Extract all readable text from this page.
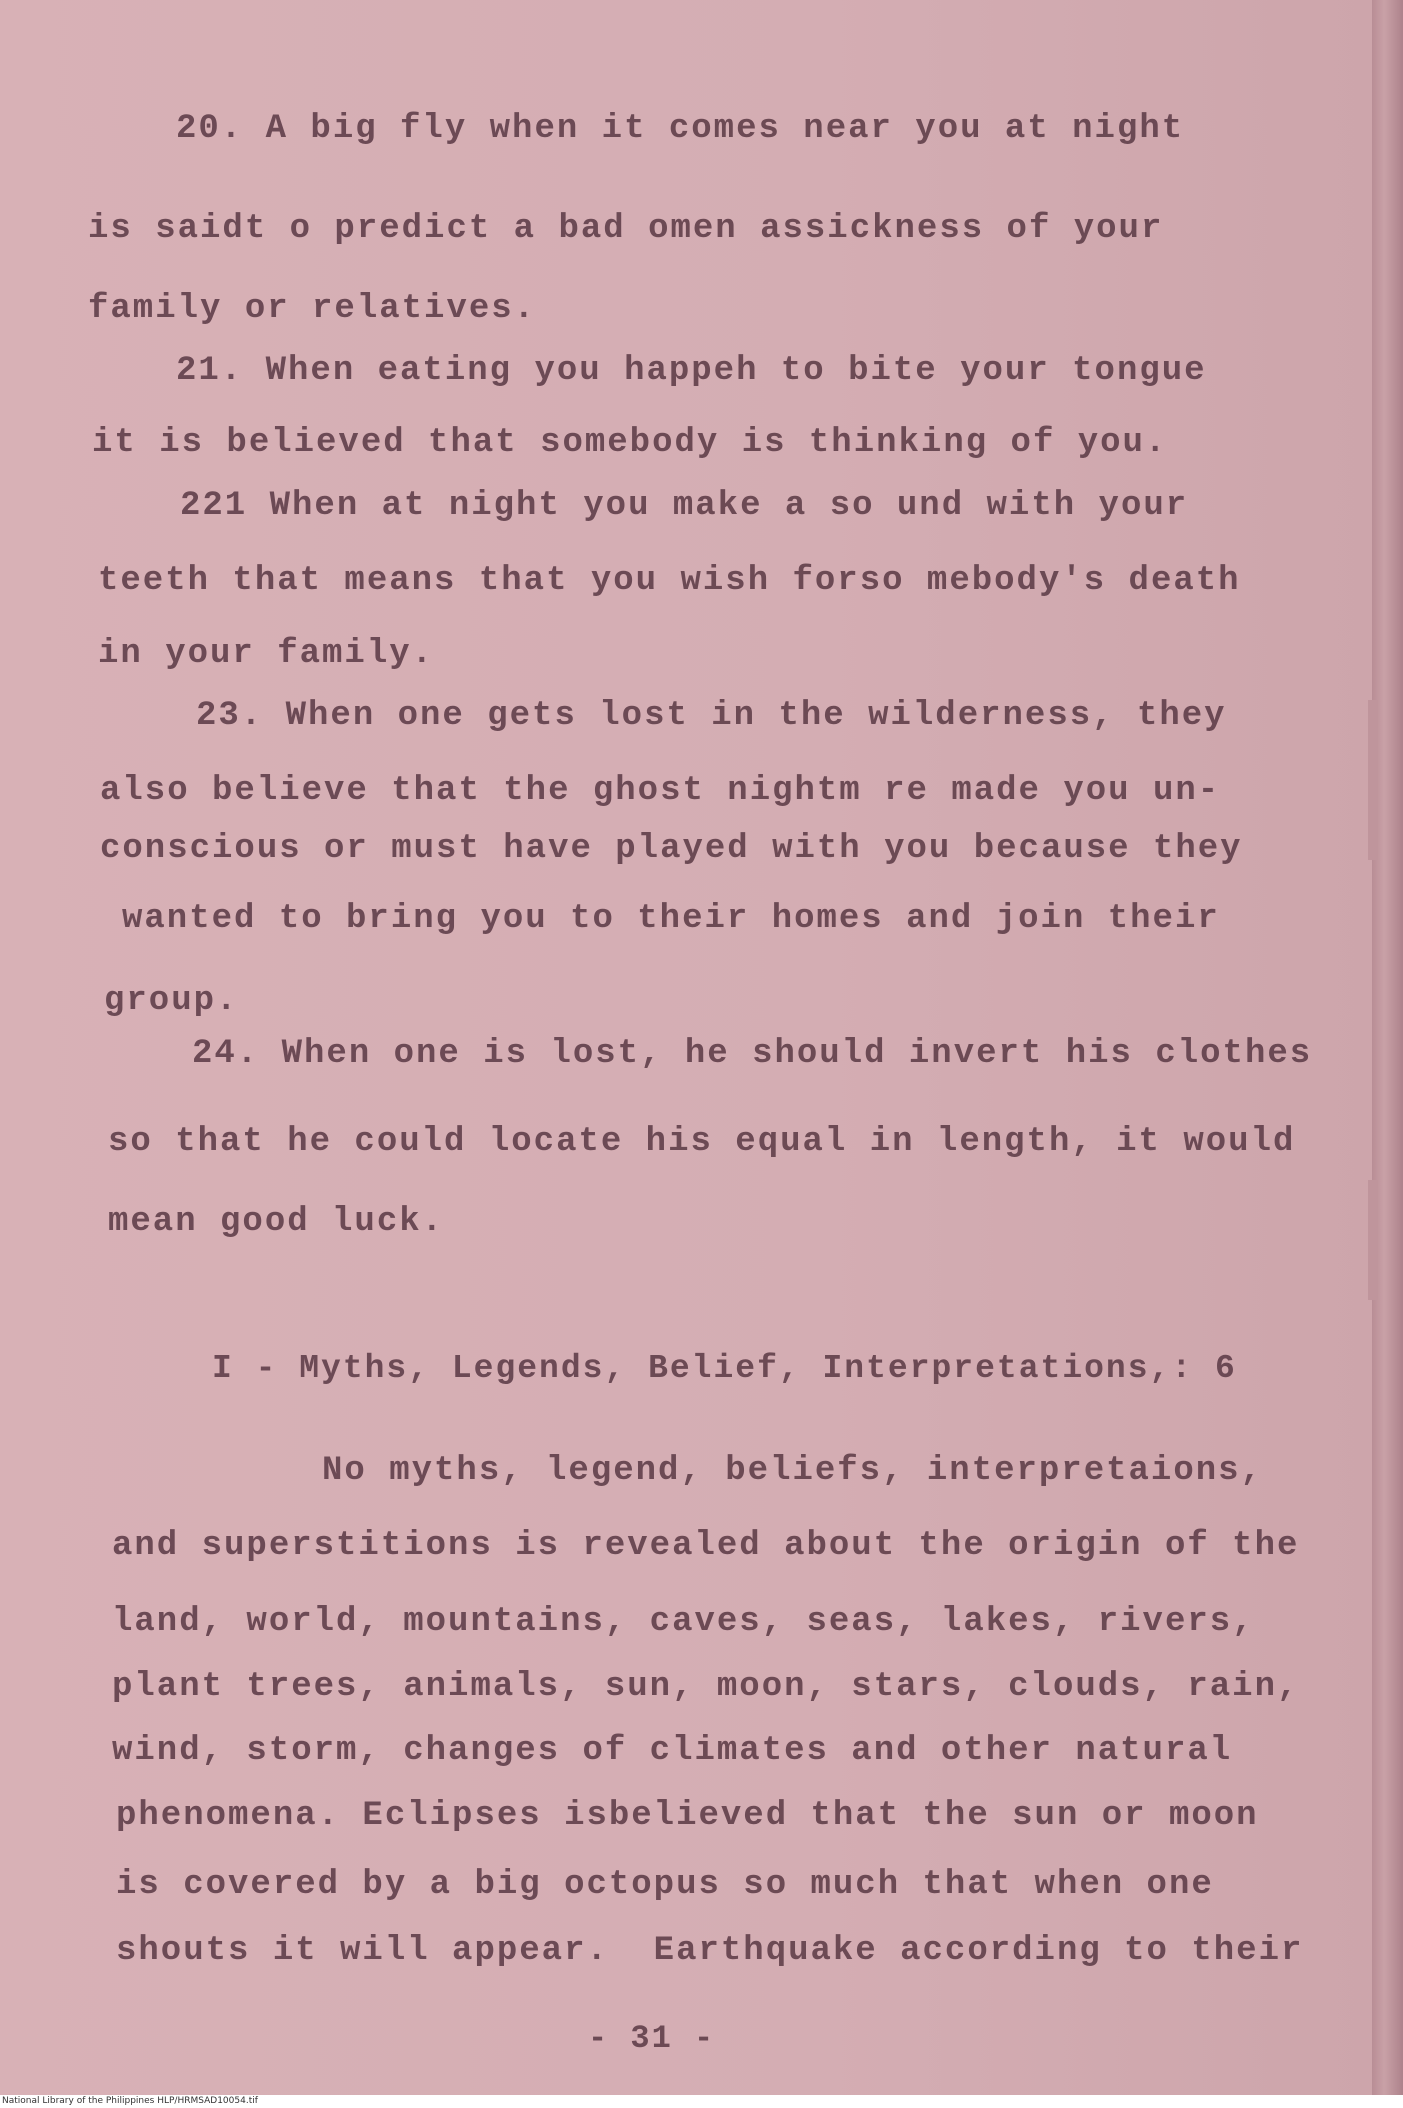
20. A big fly when it comes near you at night
is saidt o predict a bad omen assickness of your
family or relatives.
21. When eating you happeh to bite your tongue
it is believed that somebody is thinking of you.
221 When at night you make a so und with your
teeth that means that you wish forso mebody's death
in your family.
23. When one gets lost in the wilderness, they
also believe that the ghost nightm re made you un-
conscious or must have played with you because they
wanted to bring you to their homes and join their
group.
24. When one is lost, he should invert his clothes
so that he could locate his equal in length, it would
mean good luck.
I - Myths, Legends, Belief, Interpretations,: 6
No myths, legend, beliefs, interpretaions,
and superstitions is revealed about the origin of the
land, world, mountains, caves, seas, lakes, rivers,
plant trees, animals, sun, moon, stars, clouds, rain,
wind, storm, changes of climates and other natural
phenomena. Eclipses isbelieved that the sun or moon
is covered by a big octopus so much that when one
shouts it will appear.  Earthquake according to their
- 31 -
National Library of the Philippines HLP/HRMSAD10054.tif
